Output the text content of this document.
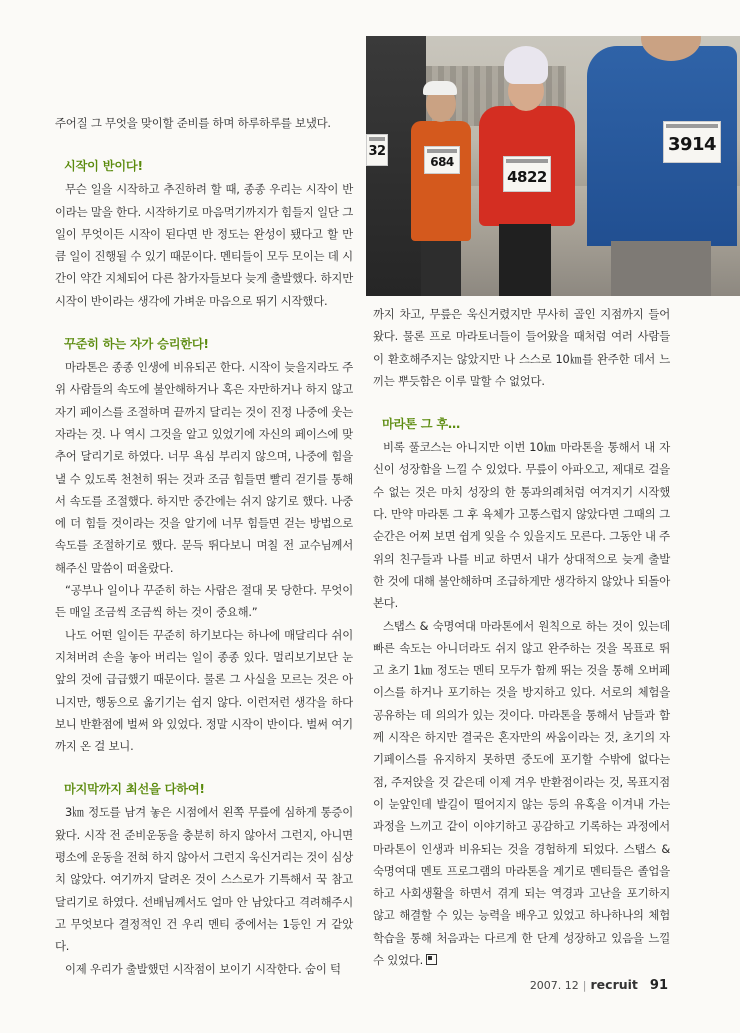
32
684
4822
3914

주어질 그 무엇을 맞이할 준비를 하며 하루하루를 보냈다.

시작이 반이다!

무슨 일을 시작하고 추진하려 할 때, 종종 우리는 시작이 반이라는 말을 한다. 시작하기로 마음먹기까지가 힘들지 일단 그 일이 무엇이든 시작이 된다면 반 정도는 완성이 됐다고 할 만큼 일이 진행될 수 있기 때문이다. 멘티들이 모두 모이는 데 시간이 약간 지체되어 다른 참가자들보다 늦게 출발했다. 하지만 시작이 반이라는 생각에 가벼운 마음으로 뛰기 시작했다.

꾸준히 하는 자가 승리한다!

마라톤은 종종 인생에 비유되곤 한다. 시작이 늦을지라도 주위 사람들의 속도에 불안해하거나 혹은 자만하거나 하지 않고 자기 페이스를 조절하며 끝까지 달리는 것이 진정 나중에 웃는 자라는 것. 나 역시 그것을 알고 있었기에 자신의 페이스에 맞추어 달리기로 하였다. 너무 욕심 부리지 않으며, 나중에 힘을 낼 수 있도록 천천히 뛰는 것과 조금 힘들면 빨리 걷기를 통해서 속도를 조절했다. 하지만 중간에는 쉬지 않기로 했다. 나중에 더 힘들 것이라는 것을 알기에 너무 힘들면 걷는 방법으로 속도를 조절하기로 했다. 문득 뛰다보니 며칠 전 교수님께서 해주신 말씀이 떠올랐다.

“공부나 일이나 꾸준히 하는 사람은 절대 못 당한다. 무엇이든 매일 조금씩 조금씩 하는 것이 중요해.”

나도 어떤 일이든 꾸준히 하기보다는 하나에 매달리다 쉬이 지쳐버려 손을 놓아 버리는 일이 종종 있다. 멀리보기보단 눈앞의 것에 급급했기 때문이다. 물론 그 사실을 모르는 것은 아니지만, 행동으로 옮기기는 쉽지 않다. 이런저런 생각을 하다 보니 반환점에 벌써 와 있었다. 정말 시작이 반이다. 벌써 여기까지 온 걸 보니.

마지막까지 최선을 다하여!

3㎞ 정도를 남겨 놓은 시점에서 왼쪽 무릎에 심하게 통증이 왔다. 시작 전 준비운동을 충분히 하지 않아서 그런지, 아니면 평소에 운동을 전혀 하지 않아서 그런지 욱신거리는 것이 심상치 않았다. 여기까지 달려온 것이 스스로가 기특해서 꾹 참고 달리기로 하였다. 선배님께서도 얼마 안 남았다고 격려해주시고 무엇보다 결정적인 건 우리 멘티 중에서는 1등인 거 같았다.

이제 우리가 출발했던 시작점이 보이기 시작한다. 숨이 턱

까지 차고, 무릎은 욱신거렸지만 무사히 골인 지점까지 들어왔다. 물론 프로 마라토너들이 들어왔을 때처럼 여러 사람들이 환호해주지는 않았지만 나 스스로 10㎞를 완주한 데서 느끼는 뿌듯함은 이루 말할 수 없었다.

마라톤 그 후…

비록 풀코스는 아니지만 이번 10㎞ 마라톤을 통해서 내 자신이 성장함을 느낄 수 있었다. 무릎이 아파오고, 제대로 걸을 수 없는 것은 마치 성장의 한 통과의례처럼 여겨지기 시작했다. 만약 마라톤 그 후 육체가 고통스럽지 않았다면 그때의 그 순간은 어찌 보면 쉽게 잊을 수 있을지도 모른다. 그동안 내 주위의 친구들과 나를 비교 하면서 내가 상대적으로 늦게 출발한 것에 대해 불안해하며 조급하게만 생각하지 않았나 되돌아본다.

스탭스 & 숙명여대 마라톤에서 원칙으로 하는 것이 있는데 빠른 속도는 아니더라도 쉬지 않고 완주하는 것을 목표로 뛰고 초기 1㎞ 정도는 멘티 모두가 함께 뛰는 것을 통해 오버페이스를 하거나 포기하는 것을 방지하고 있다. 서로의 체험을 공유하는 데 의의가 있는 것이다. 마라톤을 통해서 남들과 함께 시작은 하지만 결국은 혼자만의 싸움이라는 것, 초기의 자기페이스를 유지하지 못하면 중도에 포기할 수밖에 없다는 점, 주저앉을 것 같은데 이제 겨우 반환점이라는 것, 목표지점이 눈앞인데 발길이 떨어지지 않는 등의 유혹을 이겨내 가는 과정을 느끼고 같이 이야기하고 공감하고 기록하는 과정에서 마라톤이 인생과 비유되는 것을 경험하게 되었다. 스탭스 & 숙명여대 멘토 프로그램의 마라톤을 계기로 멘티들은 졸업을 하고 사회생활을 하면서 겪게 되는 역경과 고난을 포기하지 않고 해결할 수 있는 능력을 배우고 있었고 하나하나의 체험 학습을 통해 처음과는 다르게 한 단계 성장하고 있음을 느낄 수 있었다.

2007. 12 | recruit 91
